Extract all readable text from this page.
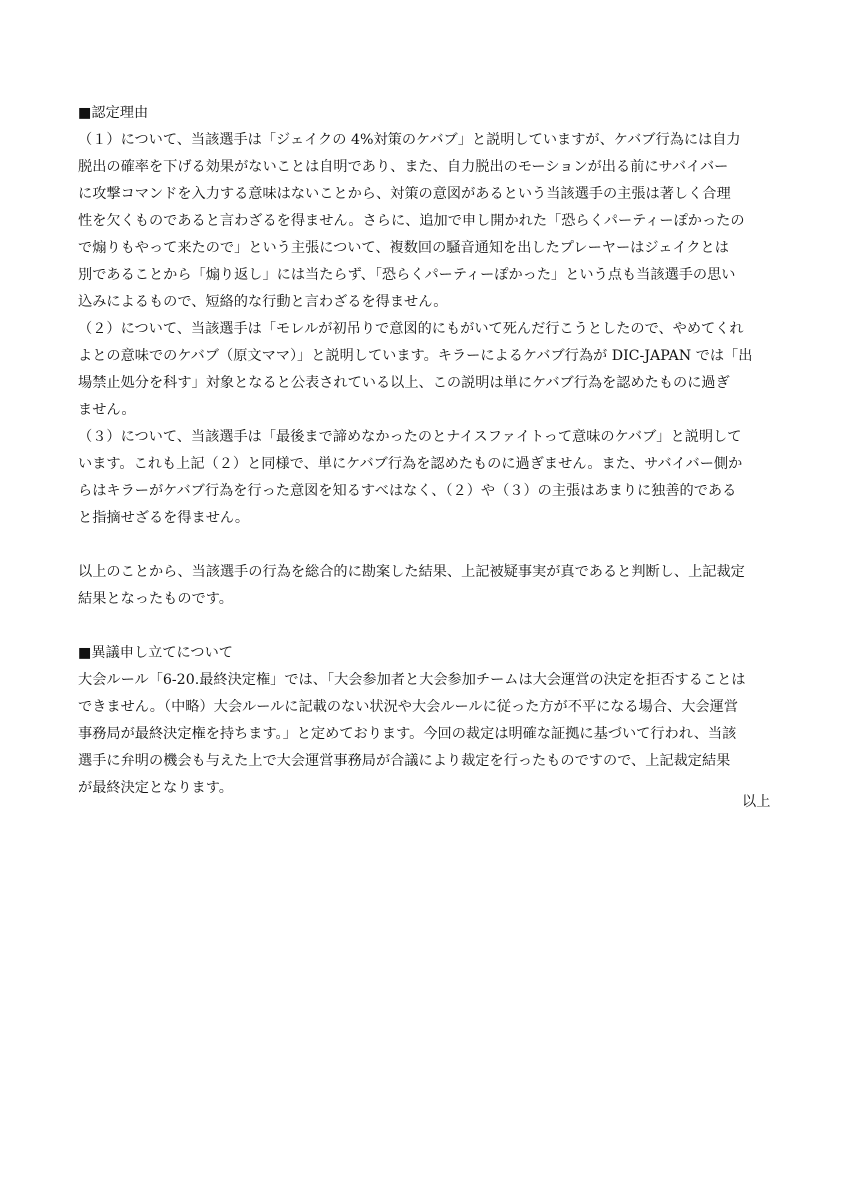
■認定理由
（１）について、当該選手は「ジェイクの 4%対策のケバブ」と説明していますが、ケバブ行為には自力
脱出の確率を下げる効果がないことは自明であり、また、自力脱出のモーションが出る前にサバイバー
に攻撃コマンドを入力する意味はないことから、対策の意図があるという当該選手の主張は著しく合理
性を欠くものであると言わざるを得ません。さらに、追加で申し開かれた「恐らくパーティーぽかったの
で煽りもやって来たので」という主張について、複数回の騒音通知を出したプレーヤーはジェイクとは
別であることから「煽り返し」には当たらず、「恐らくパーティーぽかった」という点も当該選手の思い
込みによるもので、短絡的な行動と言わざるを得ません。
（２）について、当該選手は「モレルが初吊りで意図的にもがいて死んだ行こうとしたので、やめてくれ
よとの意味でのケバブ（原文ママ）」と説明しています。キラーによるケバブ行為が DIC-JAPAN では「出
場禁止処分を科す」対象となると公表されている以上、この説明は単にケバブ行為を認めたものに過ぎ
ません。
（３）について、当該選手は「最後まで諦めなかったのとナイスファイトって意味のケバブ」と説明して
います。これも上記（２）と同様で、単にケバブ行為を認めたものに過ぎません。また、サバイバー側か
らはキラーがケバブ行為を行った意図を知るすべはなく、（２）や（３）の主張はあまりに独善的である
と指摘せざるを得ません。
以上のことから、当該選手の行為を総合的に勘案した結果、上記被疑事実が真であると判断し、上記裁定
結果となったものです。
■異議申し立てについて
大会ルール「6-20.最終決定権」では、「大会参加者と大会参加チームは大会運営の決定を拒否することは
できません。（中略）大会ルールに記載のない状況や大会ルールに従った方が不平になる場合、大会運営
事務局が最終決定権を持ちます。」と定めております。今回の裁定は明確な証拠に基づいて行われ、当該
選手に弁明の機会も与えた上で大会運営事務局が合議により裁定を行ったものですので、上記裁定結果
が最終決定となります。
以上
